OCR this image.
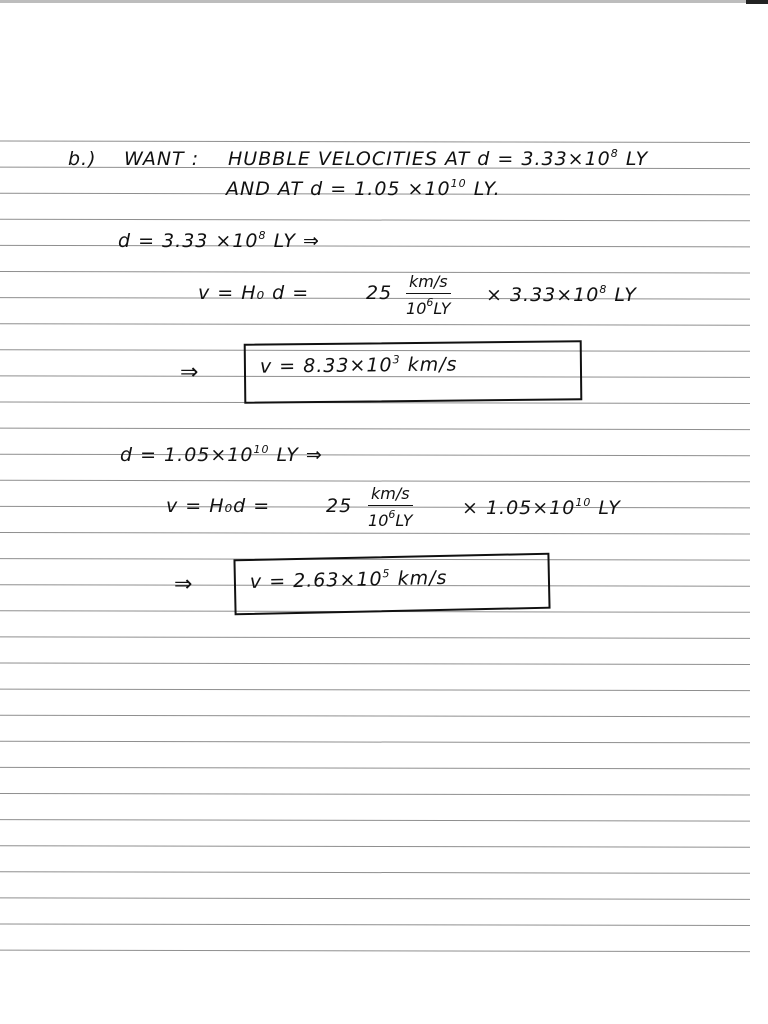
b.) WANT : HUBBLE VELOCITIES AT $d = 3.33\times 10^8$ LY
AND AT $d = 1.05 \times 10^{10}$ LY.
$d = 3.33 \times 10^8$ LY ⇒
v = H₀ d =	$25 \frac{km/s}{10^6LY} \times 3.33\times 10^8$ LY
⇒	$v = 8.33\times 10^3$ km/s
$d = 1.05\times 10^{10}$ LY ⇒
v = H₀d =	$25 \frac{km/s}{10^6LY}$	× $1.05\times 10^{10}$ LY
⇒	$v = 2.63\times 10^5$ km/s
